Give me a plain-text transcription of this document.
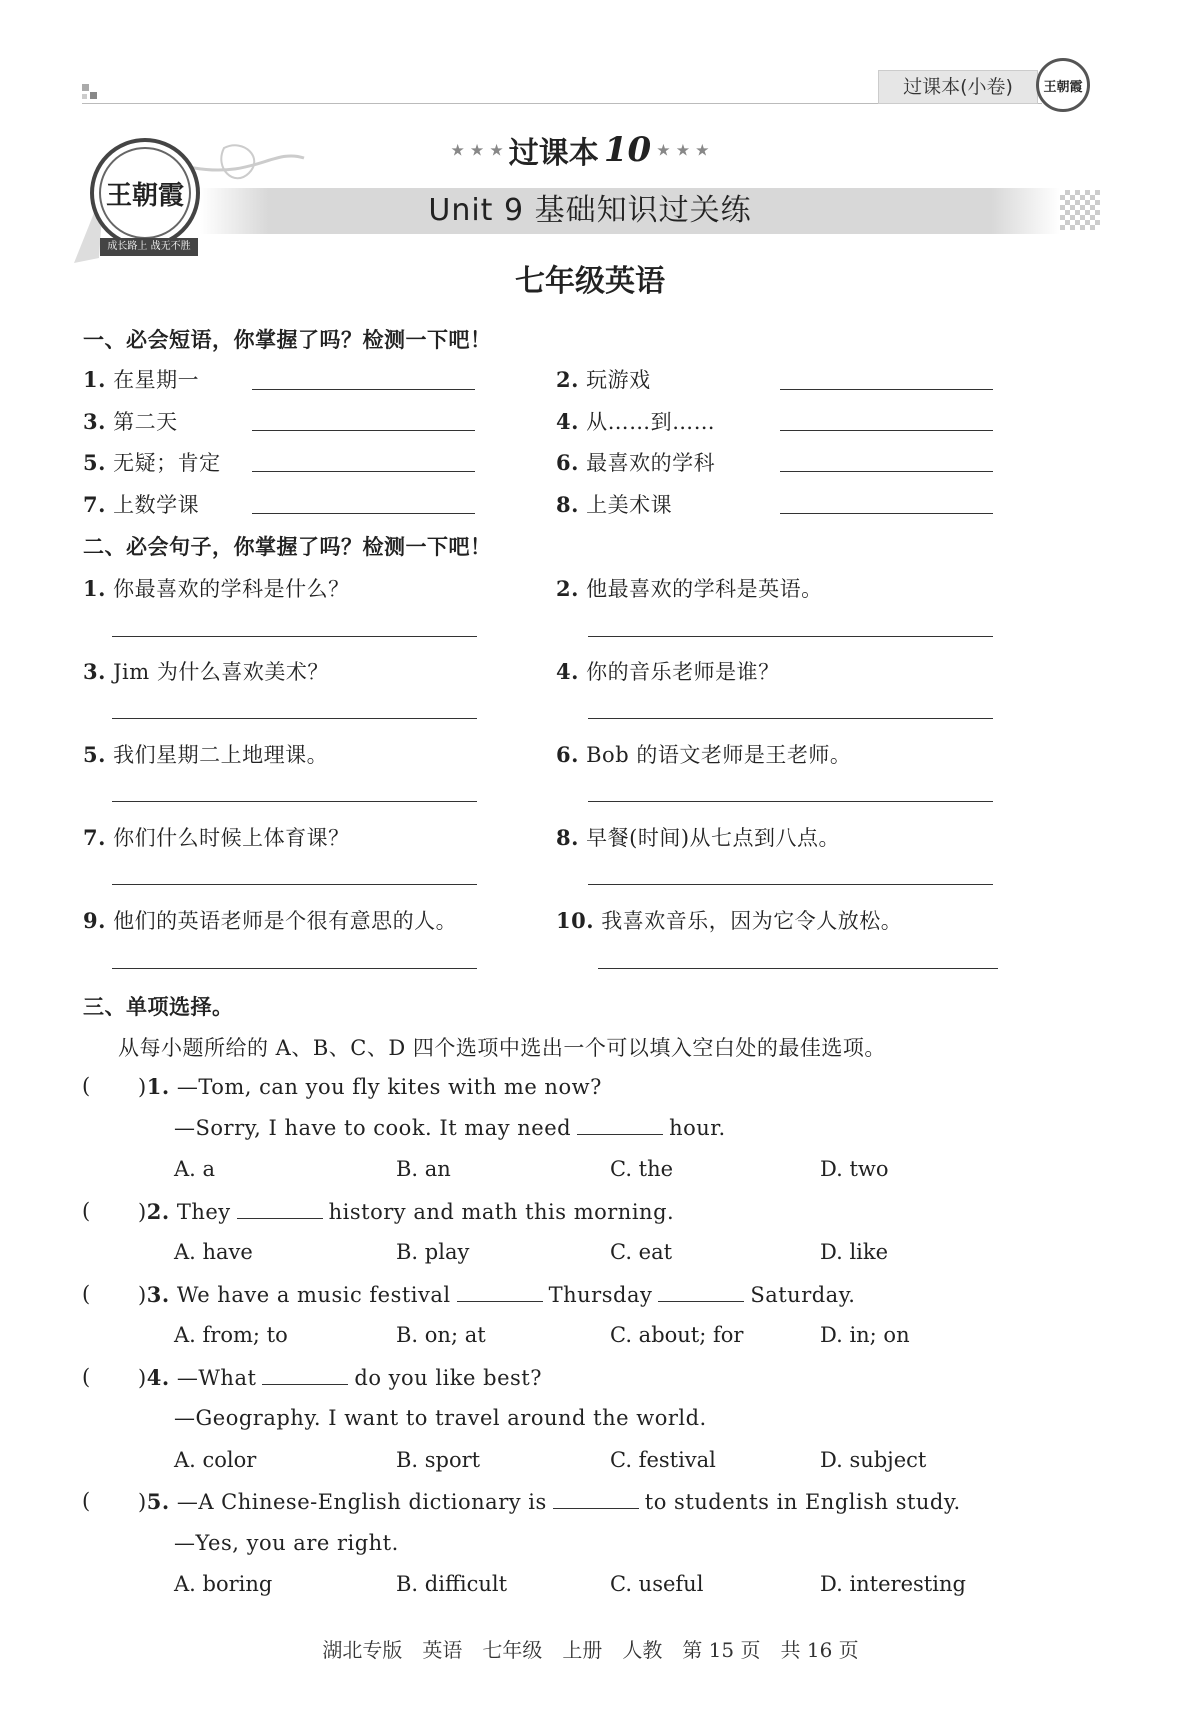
过课本(小卷)	王朝霞
王朝霞
成长路上 战无不胜
★ ★ ★ 过课本 10 ★ ★ ★
Unit 9 基础知识过关练
七年级英语
一、必会短语，你掌握了吗？检测一下吧！
1. 在星期一	2. 玩游戏
3. 第二天	4. 从……到……
5. 无疑；肯定	6. 最喜欢的学科
7. 上数学课	8. 上美术课
二、必会句子，你掌握了吗？检测一下吧！
1. 你最喜欢的学科是什么？	2. 他最喜欢的学科是英语。
3. Jim 为什么喜欢美术？	4. 你的音乐老师是谁？
5. 我们星期二上地理课。	6. Bob 的语文老师是王老师。
7. 你们什么时候上体育课？	8. 早餐(时间)从七点到八点。
9. 他们的英语老师是个很有意思的人。	10. 我喜欢音乐，因为它令人放松。
三、单项选择。
从每小题所给的 A、B、C、D 四个选项中选出一个可以填入空白处的最佳选项。
( )1. —Tom, can you fly kites with me now?
—Sorry, I have to cook. It may need	hour.
A. a	B. an	C. the	D. two
( )2. They	history and math this morning.
A. have	B. play	C. eat	D. like
( )3. We have a music festival	Thursday	Saturday.
A. from; to	B. on; at	C. about; for	D. in; on
( )4. —What	do you like best?
—Geography. I want to travel around the world.
A. color	B. sport	C. festival	D. subject
( )5. —A Chinese-English dictionary is	to students in English study.
—Yes, you are right.
A. boring	B. difficult	C. useful	D. interesting
湖北专版　英语　七年级　上册　人教　第 15 页　共 16 页
